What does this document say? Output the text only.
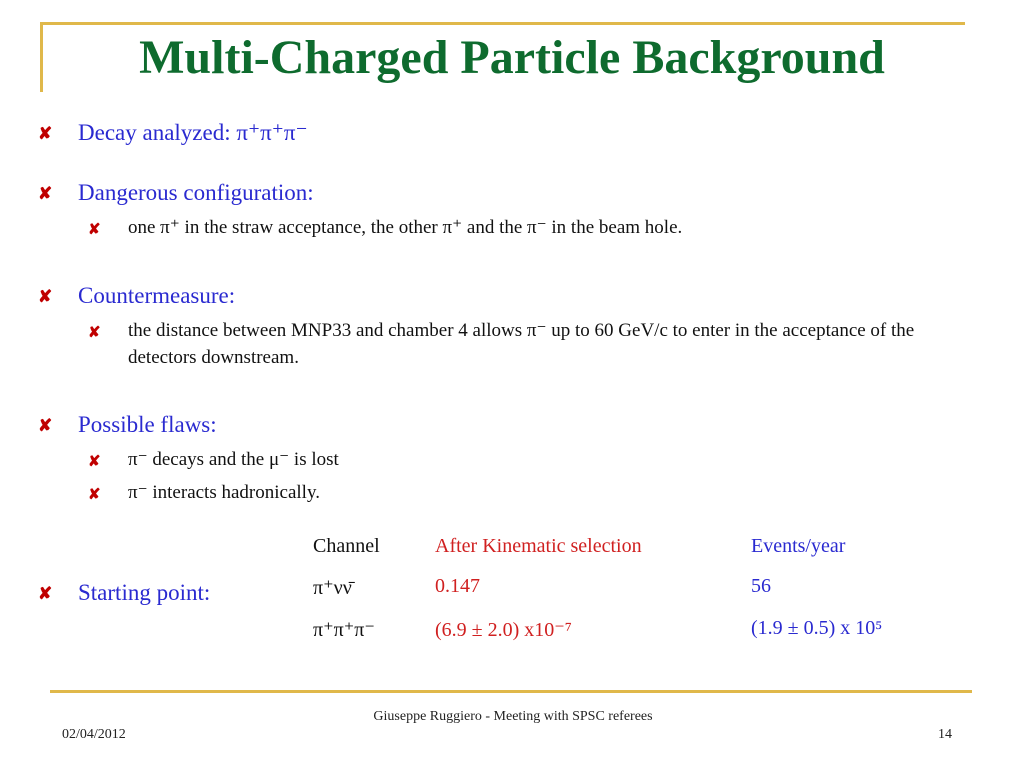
Multi-Charged Particle Background
✘	Decay analyzed: π⁺π⁺π⁻
✘	Dangerous configuration:
✘	one π⁺ in the straw acceptance, the other π⁺ and the π⁻ in the beam hole.
✘	Countermeasure:
✘	the distance between MNP33 and chamber 4 allows π⁻ up to 60 GeV/c to enter in the acceptance of the detectors downstream.
✘	Possible flaws:
✘	π⁻ decays and the μ⁻ is lost
✘	π⁻ interacts hadronically.
✘	Starting point:
Channel	After Kinematic selection	Events/year
π⁺νν̄	0.147	56
π⁺π⁺π⁻	(6.9 ± 2.0) x10⁻⁷	(1.9 ± 0.5) x 10⁵
02/04/2012
Giuseppe Ruggiero - Meeting with SPSC referees
14
